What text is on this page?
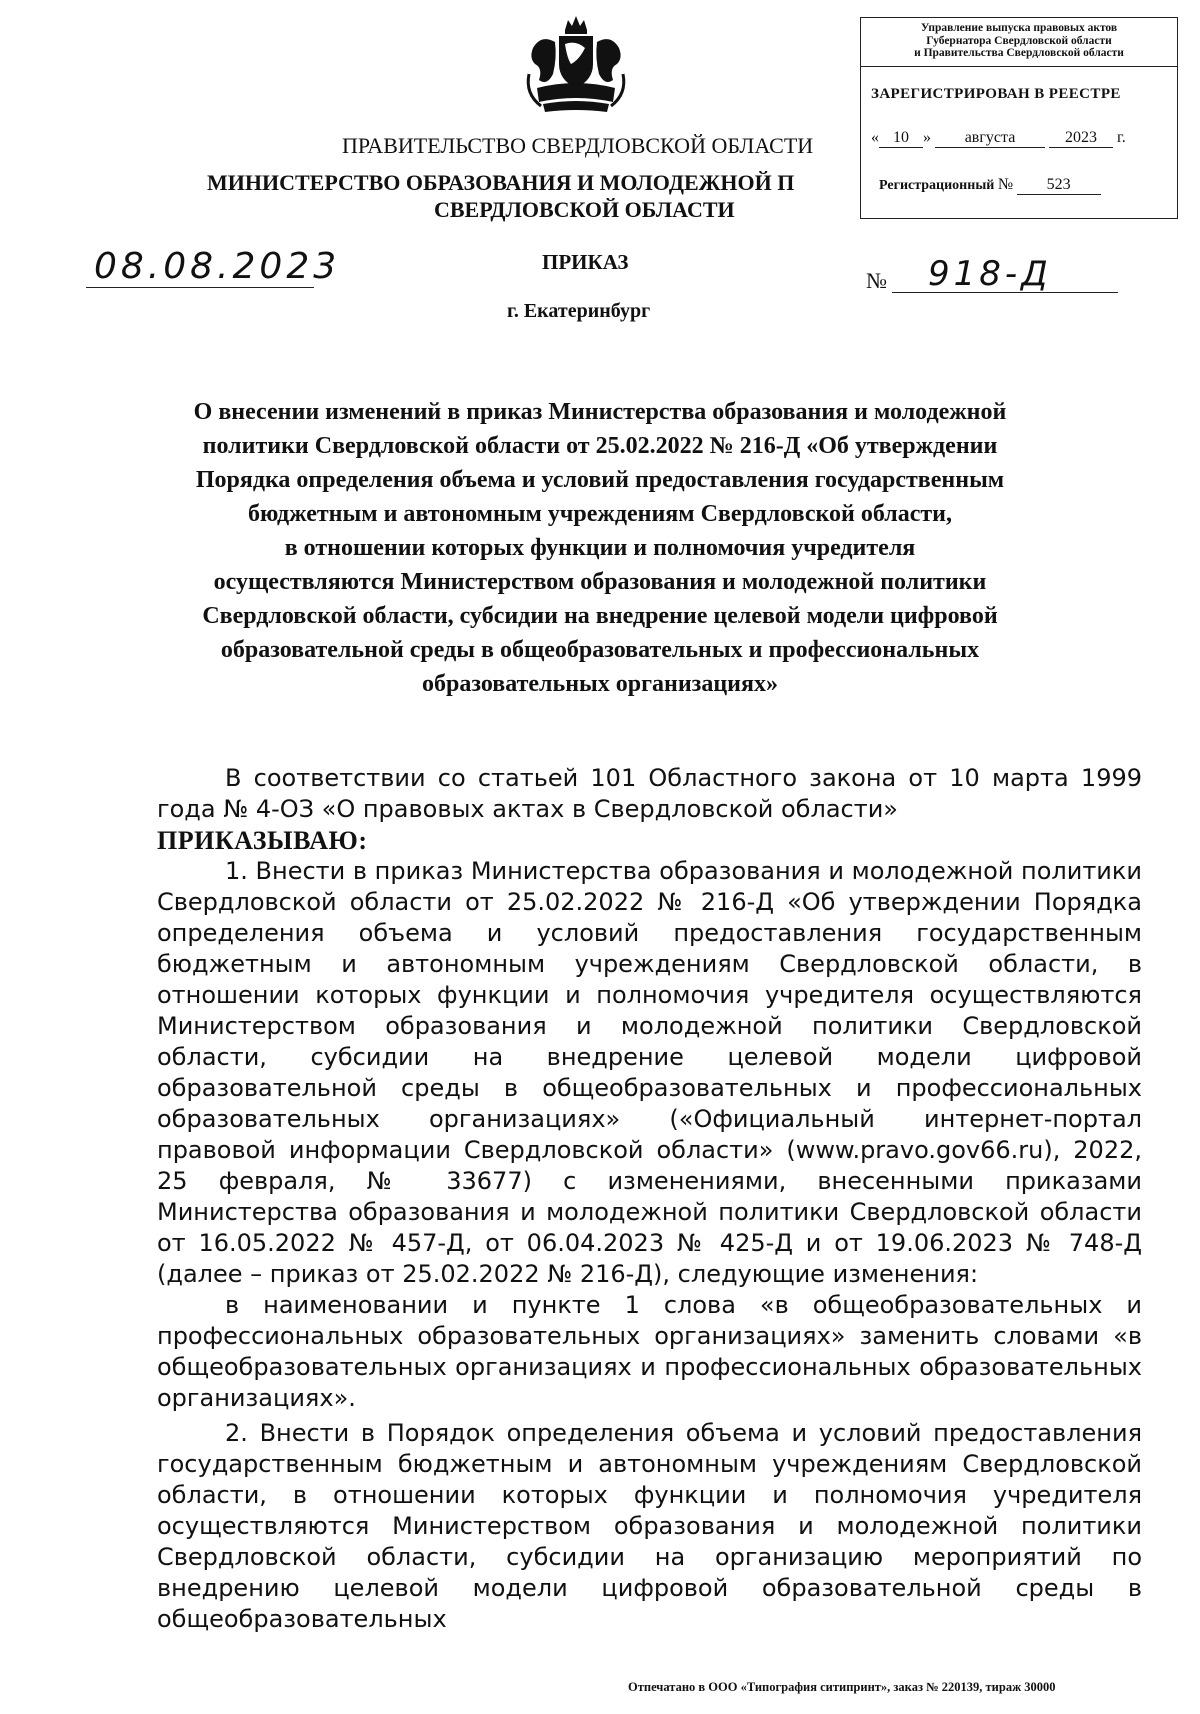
Управление выпуска правовых актов
Губернатора Свердловской области
и Правительства Свердловской области
ЗАРЕГИСТРИРОВАН В РЕЕСТРЕ
« 10 » августа	2023 г.
Регистрационный № 523
ПРАВИТЕЛЬСТВО СВЕРДЛОВСКОЙ ОБЛАСТИ
МИНИСТЕРСТВО ОБРАЗОВАНИЯ И МОЛОДЕЖНОЙ П
СВЕРДЛОВСКОЙ ОБЛАСТИ
08.08.2023	ПРИКАЗ
№	918-Д
г. Екатеринбург
О внесении изменений в приказ Министерства образования и молодежной
политики Свердловской области от 25.02.2022 № 216-Д «Об утверждении
Порядка определения объема и условий предоставления государственным
бюджетным и автономным учреждениям Свердловской области,
в отношении которых функции и полномочия учредителя
осуществляются Министерством образования и молодежной политики
Свердловской области, субсидии на внедрение целевой модели цифровой
образовательной среды в общеобразовательных и профессиональных
образовательных организациях»

В соответствии со статьей 101 Областного закона от 10 марта 1999 года № 4-ОЗ «О правовых актах в Свердловской области»

ПРИКАЗЫВАЮ:

1. Внести в приказ Министерства образования и молодежной политики Свердловской области от 25.02.2022 № 216-Д «Об утверждении Порядка определения объема и условий предоставления государственным бюджетным и автономным учреждениям Свердловской области, в отношении которых функции и полномочия учредителя осуществляются Министерством образования и молодежной политики Свердловской области, субсидии на внедрение целевой модели цифровой образовательной среды в общеобразовательных и профессиональных образовательных организациях» («Официальный интернет-портал правовой информации Свердловской области» (www.pravo.gov66.ru), 2022, 25 февраля, № 33677) с изменениями, внесенными приказами Министерства образования и молодежной политики Свердловской области от 16.05.2022 № 457-Д, от 06.04.2023 № 425-Д и от 19.06.2023 № 748-Д (далее – приказ от 25.02.2022 № 216-Д), следующие изменения:

в наименовании и пункте 1 слова «в общеобразовательных и профессиональных образовательных организациях» заменить словами «в общеобразовательных организациях и профессиональных образовательных организациях».

2. Внести в Порядок определения объема и условий предоставления государственным бюджетным и автономным учреждениям Свердловской области, в отношении которых функции и полномочия учредителя осуществляются Министерством образования и молодежной политики Свердловской области, субсидии на организацию мероприятий по внедрению целевой модели цифровой образовательной среды в общеобразовательных

Отпечатано в ООО «Типография ситипринт», заказ № 220139, тираж 30000
